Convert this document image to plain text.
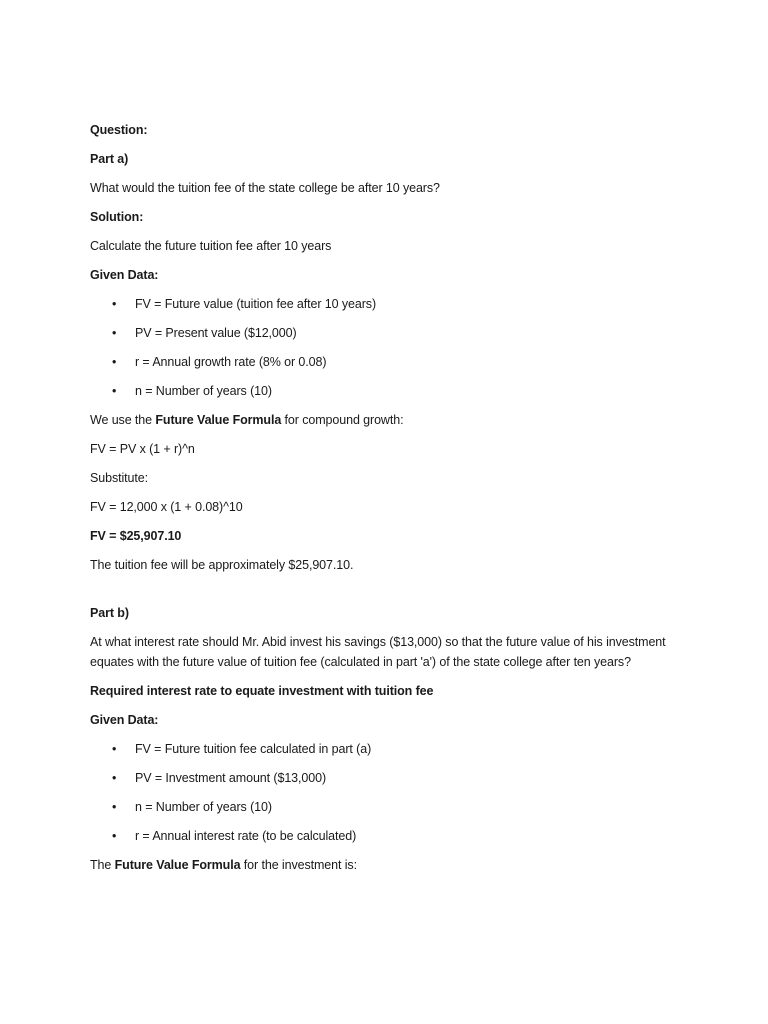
Question:

Part a)

What would the tuition fee of the state college be after 10 years?

Solution:

Calculate the future tuition fee after 10 years

Given Data:

• FV = Future value (tuition fee after 10 years)
• PV = Present value ($12,000)
• r = Annual growth rate (8% or 0.08)
• n = Number of years (10)

We use the Future Value Formula for compound growth:

FV = PV x (1 + r)^n

Substitute:

FV = 12,000 x (1 + 0.08)^10

FV = $25,907.10

The tuition fee will be approximately $25,907.10.

Part b)

At what interest rate should Mr. Abid invest his savings ($13,000) so that the future value of his investment equates with the future value of tuition fee (calculated in part 'a') of the state college after ten years?

Required interest rate to equate investment with tuition fee

Given Data:

• FV = Future tuition fee calculated in part (a)
• PV = Investment amount ($13,000)
• n = Number of years (10)
• r = Annual interest rate (to be calculated)

The Future Value Formula for the investment is:
